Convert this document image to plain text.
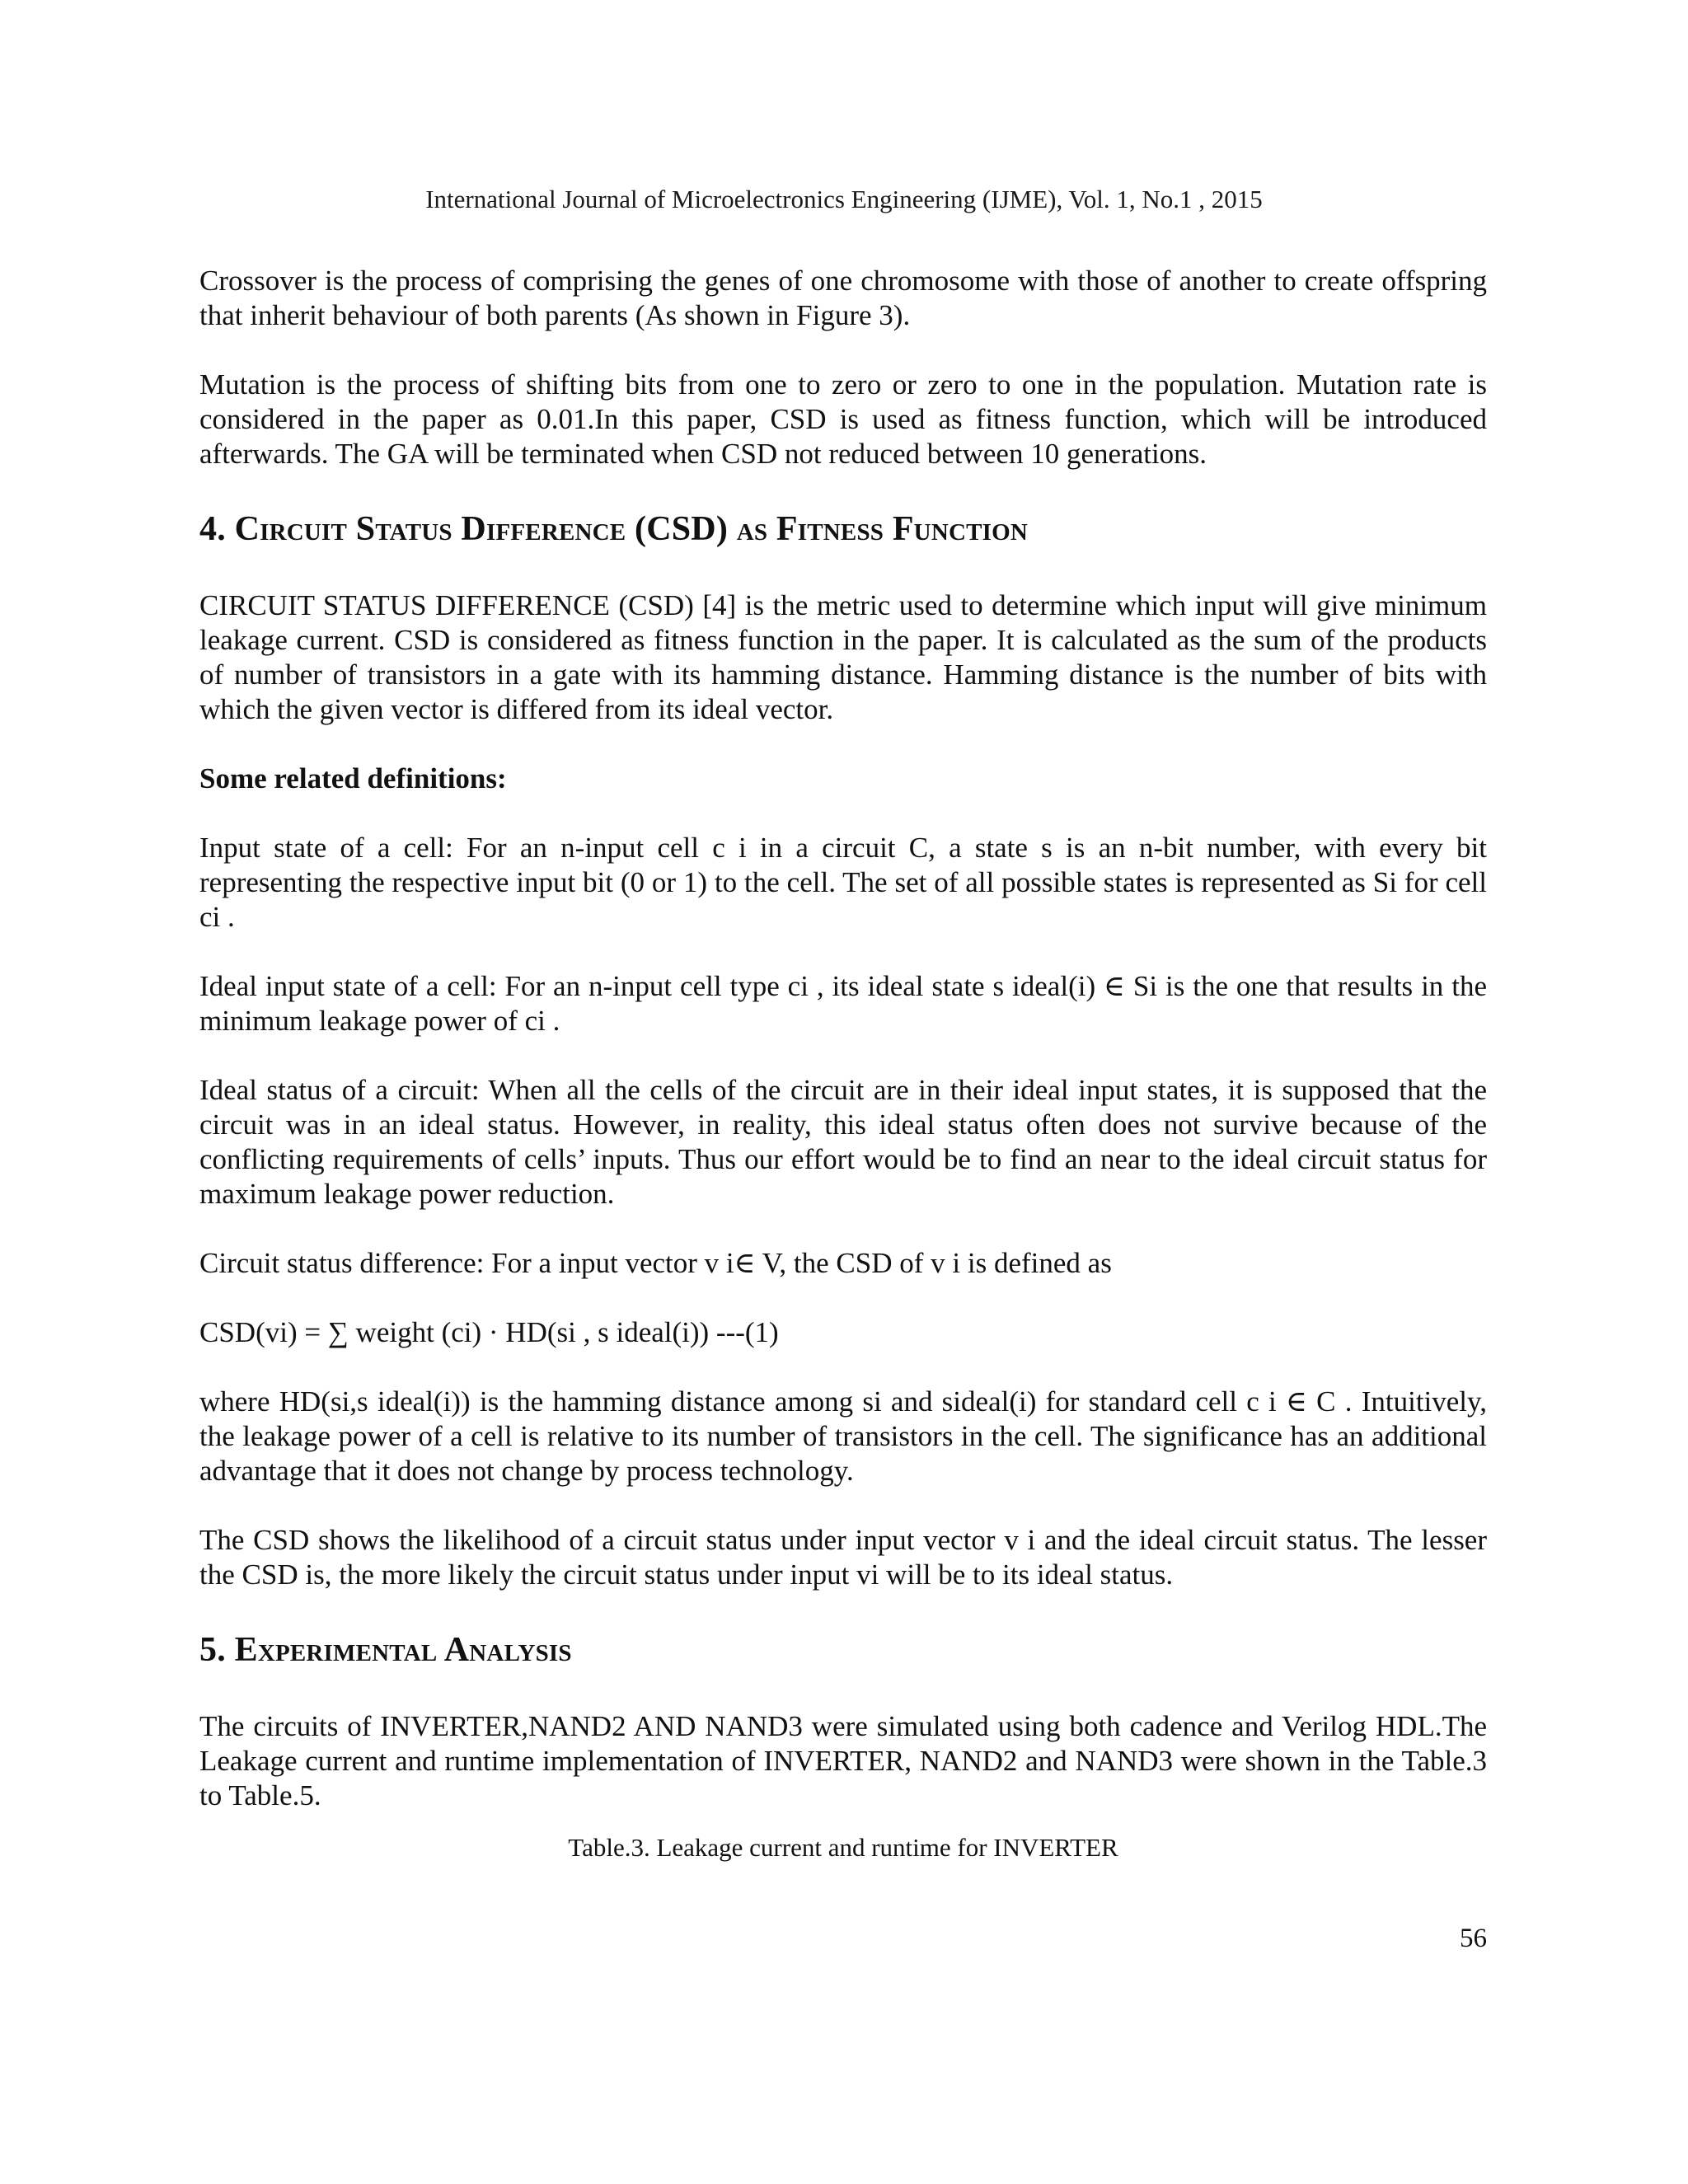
International Journal of Microelectronics Engineering (IJME), Vol. 1, No.1 , 2015

Crossover is the process of comprising the genes of one chromosome with those of another to create offspring that inherit behaviour of both parents (As shown in Figure 3).

Mutation is the process of shifting bits from one to zero or zero to one in the population. Mutation rate is considered in the paper as 0.01.In this paper, CSD is used as fitness function, which will be introduced afterwards. The GA will be terminated when CSD not reduced between 10 generations.

4. Circuit Status Difference (CSD) as Fitness Function

CIRCUIT STATUS DIFFERENCE (CSD) [4] is the metric used to determine which input will give minimum leakage current. CSD is considered as fitness function in the paper. It is calculated as the sum of the products of number of transistors in a gate with its hamming distance. Hamming distance is the number of bits with which the given vector is differed from its ideal vector.

Some related definitions:

Input state of a cell: For an n-input cell c i in a circuit C, a state s is an n-bit number, with every bit representing the respective input bit (0 or 1) to the cell. The set of all possible states is represented as Si for cell ci .

Ideal input state of a cell: For an n-input cell type ci , its ideal state s ideal(i) ∈ Si is the one that results in the minimum leakage power of ci .

Ideal status of a circuit: When all the cells of the circuit are in their ideal input states, it is supposed that the circuit was in an ideal status. However, in reality, this ideal status often does not survive because of the conflicting requirements of cells’ inputs. Thus our effort would be to find an near to the ideal circuit status for maximum leakage power reduction.

Circuit status difference: For a input vector v i∈ V, the CSD of v i is defined as

CSD(vi) = ∑ weight (ci) · HD(si , s ideal(i)) ---(1)

where HD(si,s ideal(i)) is the hamming distance among si and sideal(i) for standard cell c i ∈ C . Intuitively, the leakage power of a cell is relative to its number of transistors in the cell. The significance has an additional advantage that it does not change by process technology.

The CSD shows the likelihood of a circuit status under input vector v i and the ideal circuit status. The lesser the CSD is, the more likely the circuit status under input vi will be to its ideal status.

5. Experimental Analysis

The circuits of INVERTER,NAND2 AND NAND3 were simulated using both cadence and Verilog HDL.The Leakage current and runtime implementation of INVERTER, NAND2 and NAND3 were shown in the Table.3 to Table.5.

Table.3. Leakage current and runtime for INVERTER

56
